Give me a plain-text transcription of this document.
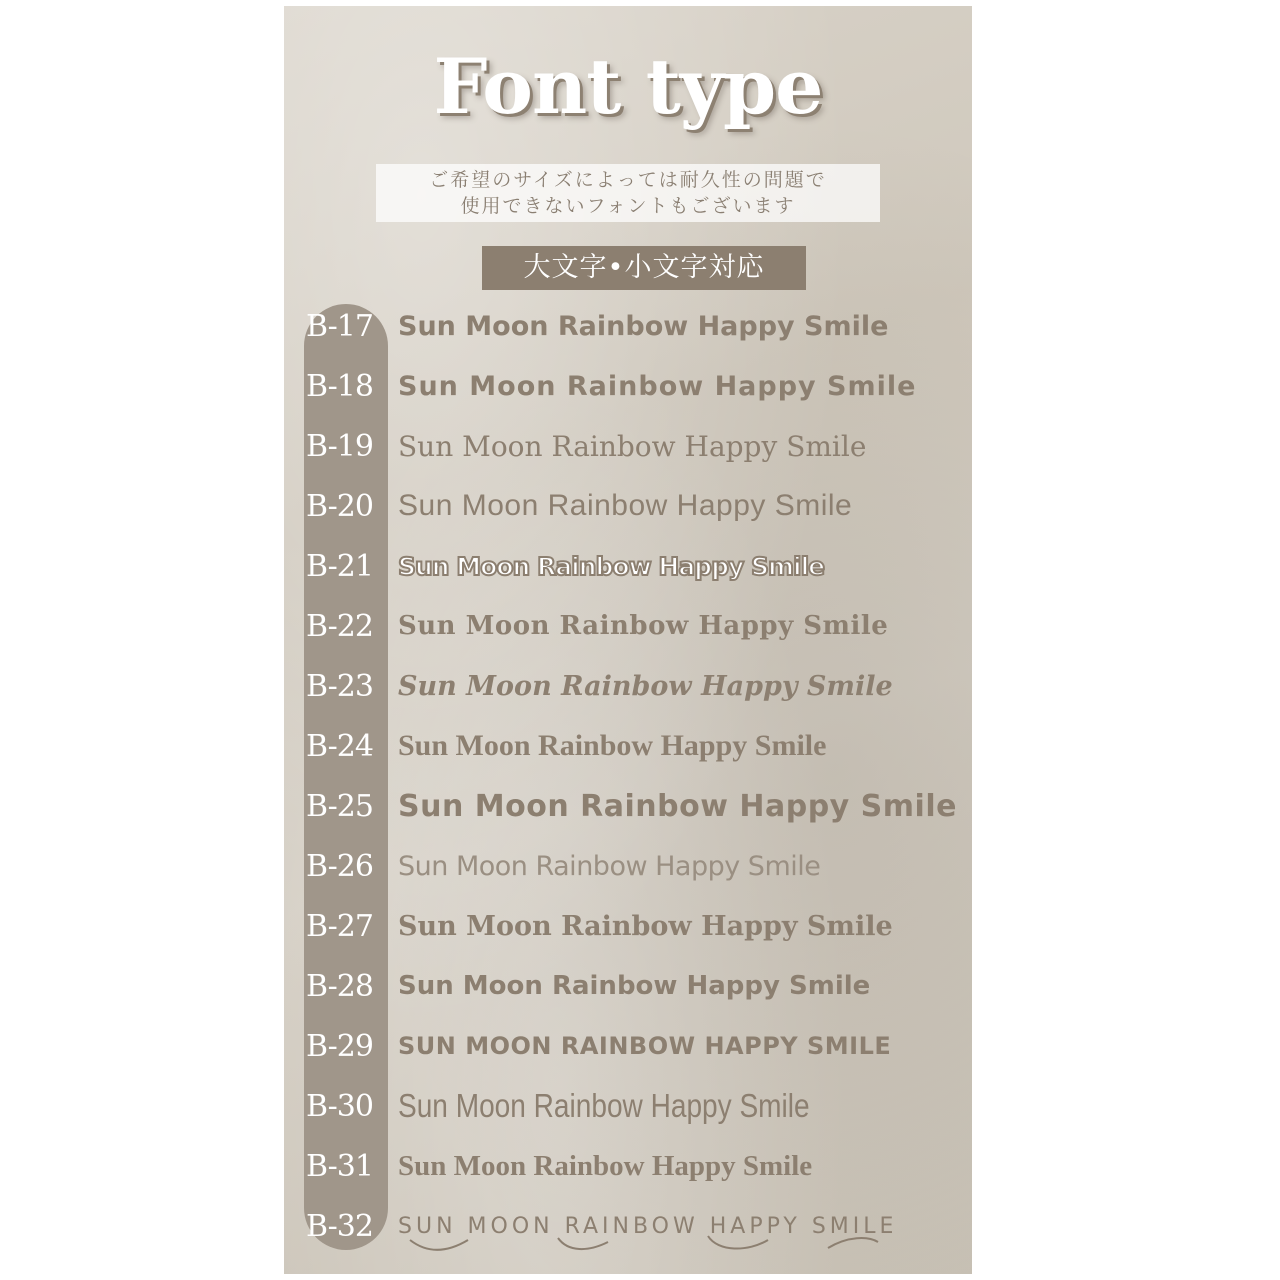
Font type
ご希望のサイズによっては耐久性の問題で
使用できないフォントもございます
大文字•小文字対応
B-17 Sun Moon Rainbow Happy Smile
B-18 Sun Moon Rainbow Happy Smile
B-19 Sun Moon Rainbow Happy Smile
B-20 Sun Moon Rainbow Happy Smile
B-21	Sun Moon Rainbow Happy Smile
B-22 Sun Moon Rainbow Happy Smile
B-23 Sun Moon Rainbow Happy Smile
B-24 Sun Moon Rainbow Happy Smile
B-25 Sun Moon Rainbow Happy Smile
B-26 Sun Moon Rainbow Happy Smile
B-27 Sun Moon Rainbow Happy Smile
B-28 Sun Moon Rainbow Happy Smile
B-29	SUN MOON RAINBOW HAPPY SMILE
B-30 Sun Moon Rainbow Happy Smile
B-31 Sun Moon Rainbow Happy Smile
B-32	SUN MOON RAINBOW HAPPY SMILE
